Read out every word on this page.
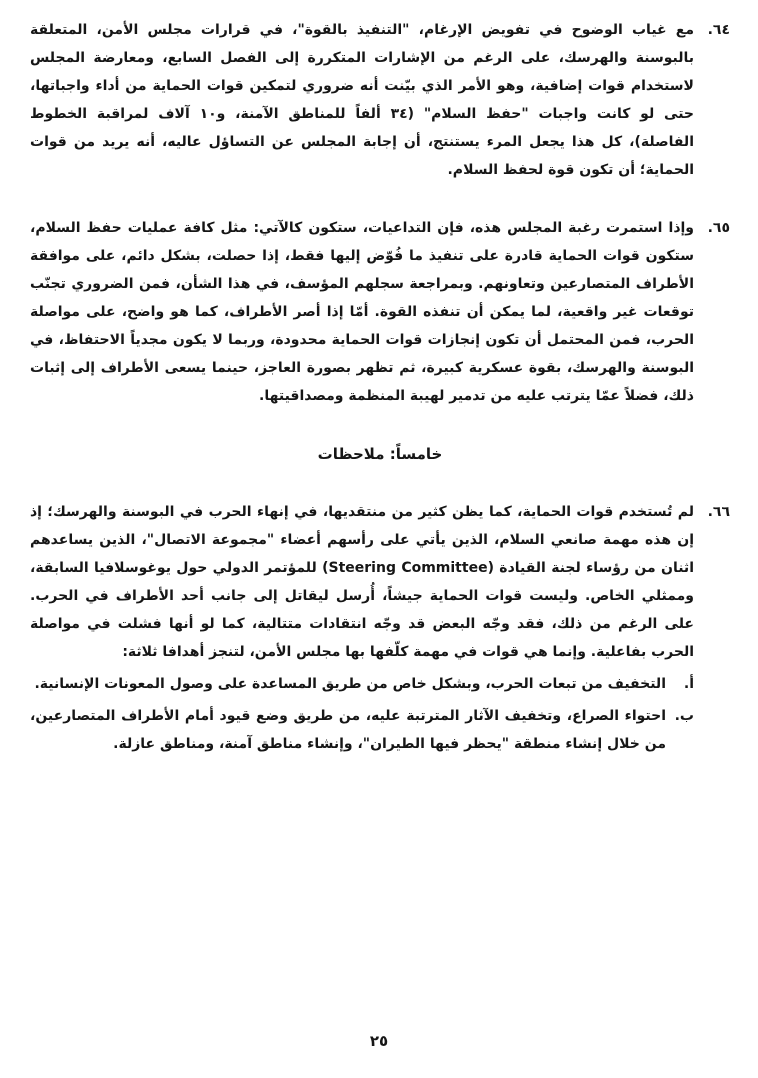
٦٤.
مع غياب الوضوح في تفويض الإرغام، "التنفيذ بالقوة"، في قرارات مجلس الأمن، المتعلقة بالبوسنة والهرسك، على الرغم من الإشارات المتكررة إلى الفصل السابع، ومعارضة المجلس لاستخدام قوات إضافية، وهو الأمر الذي بيّنت أنه ضروري لتمكين قوات الحماية من أداء واجباتها، حتى لو كانت واجبات "حفظ السلام" (٣٤ ألفاً للمناطق الآمنة، و١٠ آلاف لمراقبة الخطوط الفاصلة)، كل هذا يجعل المرء يستنتج، أن إجابة المجلس عن التساؤل عاليه، أنه يريد من قوات الحماية؛ أن تكون قوة لحفظ السلام.
٦٥.
وإذا استمرت رغبة المجلس هذه، فإن التداعيات، ستكون كالآتي: مثل كافة عمليات حفظ السلام، ستكون قوات الحماية قادرة على تنفيذ ما فُوّض إليها فقط، إذا حصلت، بشكل دائم، على موافقة الأطراف المتصارعين وتعاونهم. وبمراجعة سجلهم المؤسف، في هذا الشأن، فمن الضروري تجنّب توقعات غير واقعية، لما يمكن أن تنفذه القوة. أمّا إذا أصر الأطراف، كما هو واضح، على مواصلة الحرب، فمن المحتمل أن تكون إنجازات قوات الحماية محدودة، وربما لا يكون مجدياً الاحتفاظ، في البوسنة والهرسك، بقوة عسكرية كبيرة، ثم تظهر بصورة العاجز، حينما يسعى الأطراف إلى إثبات ذلك، فضلاً عمّا يترتب عليه من تدمير لهيبة المنظمة ومصداقيتها.
خامساً: ملاحظات
٦٦.
لم تُستخدم قوات الحماية، كما يظن كثير من منتقديها، في إنهاء الحرب في البوسنة والهرسك؛ إذ إن هذه مهمة صانعي السلام، الذين يأتي على رأسهم أعضاء "مجموعة الاتصال"، الذين يساعدهم اثنان من رؤساء لجنة القيادة (Steering Committee) للمؤتمر الدولي حول يوغوسلافيا السابقة، وممثلي الخاص. وليست قوات الحماية جيشاً، أُرسل ليقاتل إلى جانب أحد الأطراف في الحرب. على الرغم من ذلك، فقد وجّه البعض قد وجّه انتقادات متتالية، كما لو أنها فشلت في مواصلة الحرب بفاعلية. وإنما هي قوات في مهمة كلّفها بها مجلس الأمن، لتنجز أهدافا ثلاثة:
أ.
التخفيف من تبعات الحرب، وبشكل خاص من طريق المساعدة على وصول المعونات الإنسانية.
ب.
احتواء الصراع، وتخفيف الآثار المترتبة عليه، من طريق وضع قيود أمام الأطراف المتصارعين، من خلال إنشاء منطقة "يحظر فيها الطيران"، وإنشاء مناطق آمنة، ومناطق عازلة.
٢٥
